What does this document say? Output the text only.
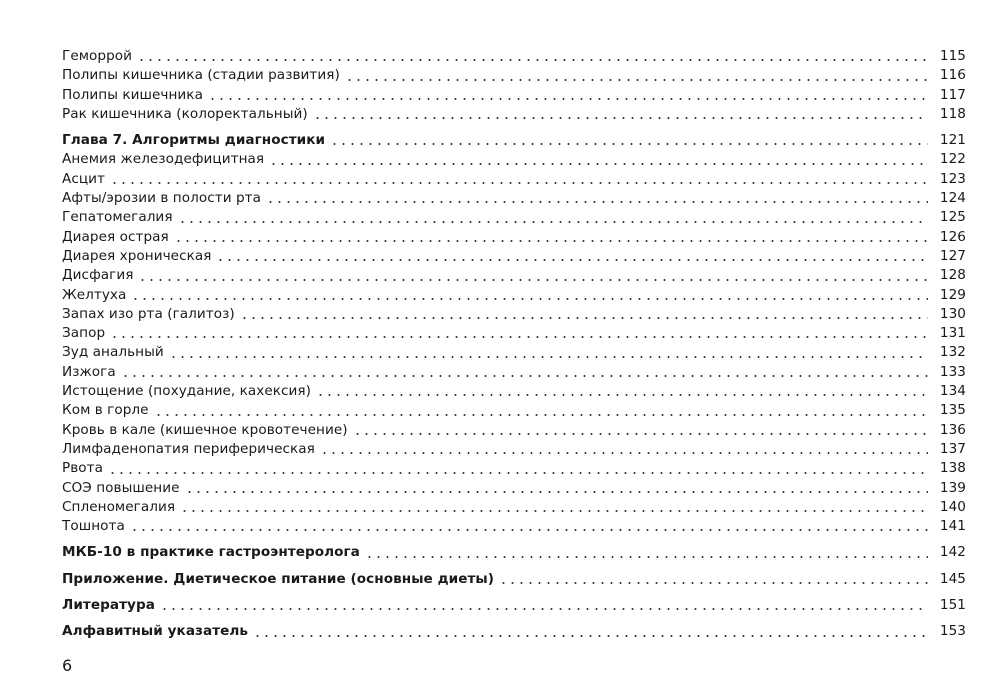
Геморрой	115
Полипы кишечника (стадии развития)	116
Полипы кишечника	117
Рак кишечника (колоректальный)	118
Глава 7. Алгоритмы диагностики	121
Анемия железодефицитная	122
Асцит	123
Афты/эрозии в полости рта	124
Гепатомегалия	125
Диарея острая	126
Диарея хроническая	127
Дисфагия	128
Желтуха	129
Запах изо рта (галитоз)	130
Запор	131
Зуд анальный	132
Изжога	133
Истощение (похудание, кахексия)	134
Ком в горле	135
Кровь в кале (кишечное кровотечение)	136
Лимфаденопатия периферическая	137
Рвота	138
СОЭ повышение	139
Спленомегалия	140
Тошнота	141
МКБ-10 в практике гастроэнтеролога	142
Приложение. Диетическое питание (основные диеты)	145
Литература	151
Алфавитный указатель	153
6
